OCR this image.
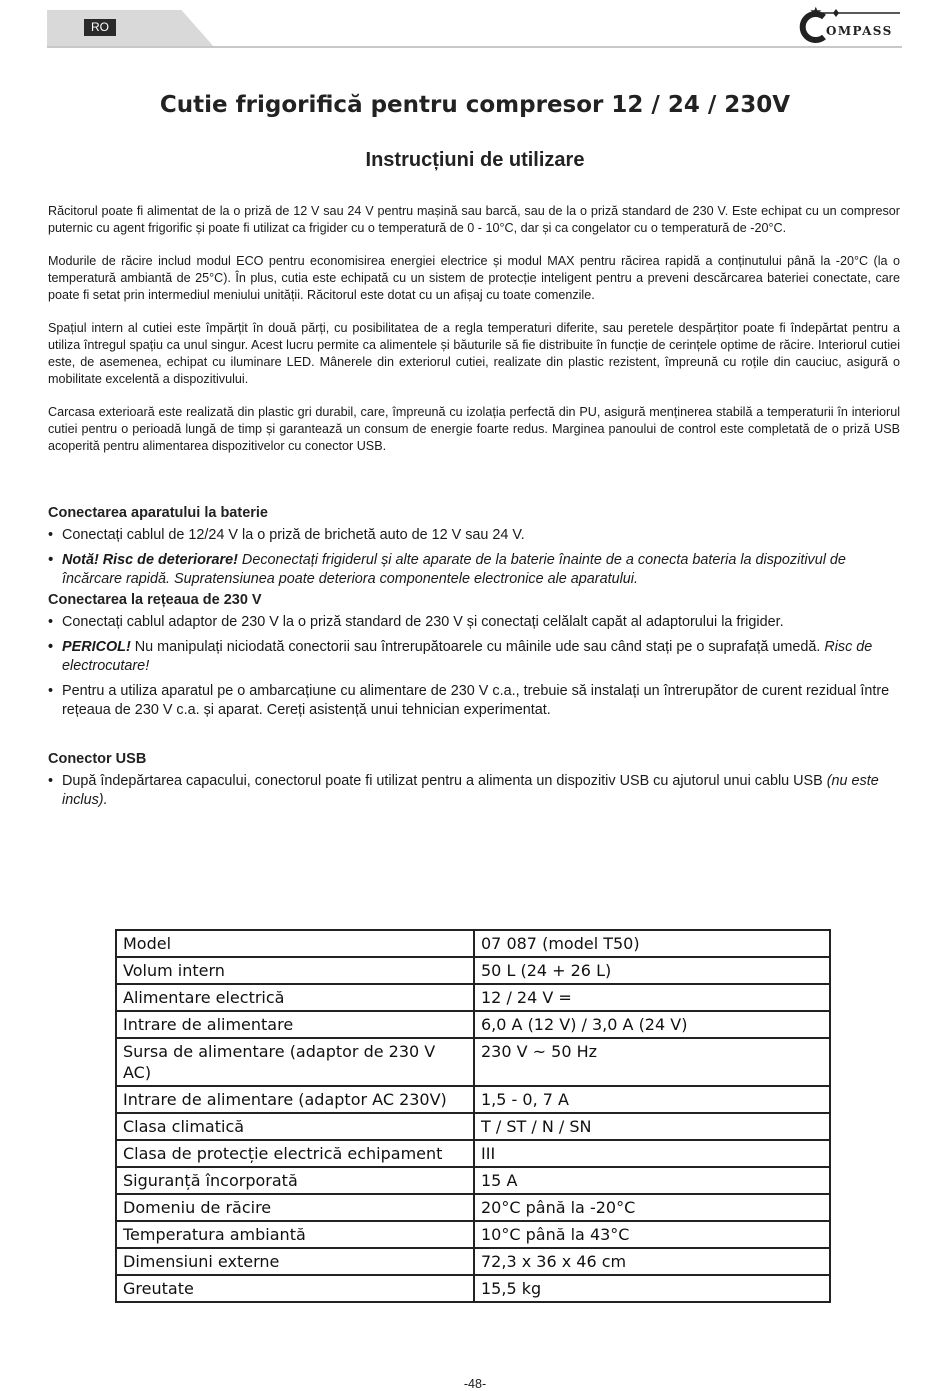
RO	OMPASS
Cutie frigorifică pentru compresor 12 / 24 / 230V
Instrucțiuni de utilizare

Răcitorul poate fi alimentat de la o priză de 12 V sau 24 V pentru mașină sau barcă, sau de la o priză standard de 230 V. Este echipat cu un compresor puternic cu agent frigorific și poate fi utilizat ca frigider cu o temperatură de 0 - 10°C, dar și ca congelator cu o temperatură de -20°C.

Modurile de răcire includ modul ECO pentru economisirea energiei electrice și modul MAX pentru răcirea rapidă a conținutului până la -20°C (la o temperatură ambiantă de 25°C). În plus, cutia este echipată cu un sistem de protecție inteligent pentru a preveni descărcarea bateriei conectate, care poate fi setat prin intermediul meniului unității. Răcitorul este dotat cu un afișaj cu toate comenzile.

Spațiul intern al cutiei este împărțit în două părți, cu posibilitatea de a regla temperaturi diferite, sau peretele despărțitor poate fi îndepărtat pentru a utiliza întregul spațiu ca unul singur. Acest lucru permite ca alimentele și băuturile să fie distribuite în funcție de cerințele optime de răcire. Interiorul cutiei este, de asemenea, echipat cu iluminare LED. Mânerele din exteriorul cutiei, realizate din plastic rezistent, împreună cu roțile din cauciuc, asigură o mobilitate excelentă a dispozitivului.

Carcasa exterioară este realizată din plastic gri durabil, care, împreună cu izolația perfectă din PU, asigură menținerea stabilă a temperaturii în interiorul cutiei pentru o perioadă lungă de timp și garantează un consum de energie foarte redus. Marginea panoului de control este completată de o priză USB acoperită pentru alimentarea dispozitivelor cu conector USB.

Conectarea aparatului la baterie
• Conectați cablul de 12/24 V la o priză de brichetă auto de 12 V sau 24 V.
• Notă! Risc de deteriorare! Deconectați frigiderul și alte aparate de la baterie înainte de a conecta bateria la dispozitivul de încărcare rapidă. Supratensiunea poate deteriora componentele electronice ale aparatului.
Conectarea la rețeaua de 230 V
• Conectați cablul adaptor de 230 V la o priză standard de 230 V și conectați celălalt capăt al adaptorului la frigider.
• PERICOL! Nu manipulați niciodată conectorii sau întrerupătoarele cu mâinile ude sau când stați pe o suprafață umedă. Risc de electrocutare!
• Pentru a utiliza aparatul pe o ambarcațiune cu alimentare de 230 V c.a., trebuie să instalați un întrerupător de curent rezidual între rețeaua de 230 V c.a. și aparat. Cereți asistență unui tehnician experimentat.
Conector USB
• După îndepărtarea capacului, conectorul poate fi utilizat pentru a alimenta un dispozitiv USB cu ajutorul unui cablu USB (nu este inclus).
Model	07 087 (model T50)
Volum intern	50 L (24 + 26 L)
Alimentare electrică	12 / 24 V =
Intrare de alimentare	6,0 A (12 V) / 3,0 A (24 V)
Sursa de alimentare (adaptor de 230 V AC)	230 V ~ 50 Hz
Intrare de alimentare (adaptor AC 230V)	1,5 - 0, 7 A
Clasa climatică	T / ST / N / SN
Clasa de protecție electrică echipament	III
Siguranță încorporată	15 A
Domeniu de răcire	20°C până la -20°C
Temperatura ambiantă	10°C până la 43°C
Dimensiuni externe	72,3 x 36 x 46 cm
Greutate	15,5 kg
-48-
